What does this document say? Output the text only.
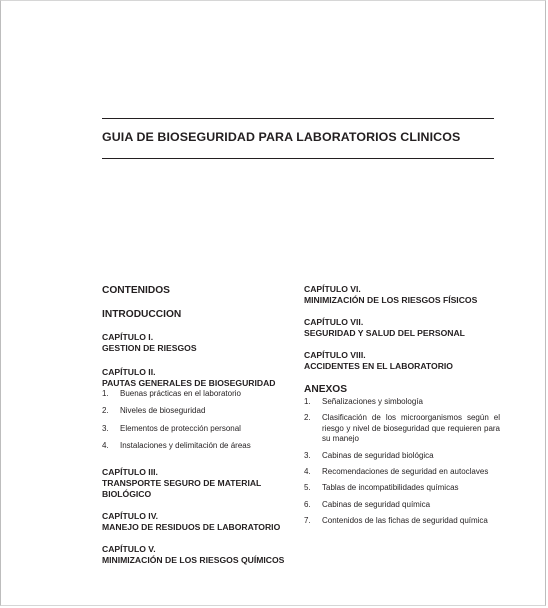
GUIA DE BIOSEGURIDAD PARA LABORATORIOS CLINICOS
CONTENIDOS
INTRODUCCION
CAPÍTULO I.
GESTION DE RIESGOS
CAPÍTULO II.
PAUTAS GENERALES DE BIOSEGURIDAD
1. Buenas prácticas en el laboratorio
2. Niveles de bioseguridad
3. Elementos de protección personal
4. Instalaciones y delimitación de áreas
CAPÍTULO III.
TRANSPORTE SEGURO DE MATERIAL BIOLÓGICO
CAPÍTULO IV.
MANEJO DE RESIDUOS DE LABORATORIO
CAPÍTULO V.
MINIMIZACIÓN DE LOS RIESGOS QUÍMICOS
CAPÍTULO VI.
MINIMIZACIÓN DE LOS RIESGOS FÍSICOS
CAPÍTULO VII.
SEGURIDAD Y SALUD DEL PERSONAL
CAPÍTULO VIII.
ACCIDENTES EN EL LABORATORIO
ANEXOS
1. Señalizaciones y simbología
2. Clasificación de los microorganismos según el riesgo y nivel de bioseguridad que requieren para su manejo
3. Cabinas de seguridad biológica
4. Recomendaciones de seguridad en autoclaves
5. Tablas de incompatibilidades químicas
6. Cabinas de seguridad química
7. Contenidos de las fichas de seguridad química
